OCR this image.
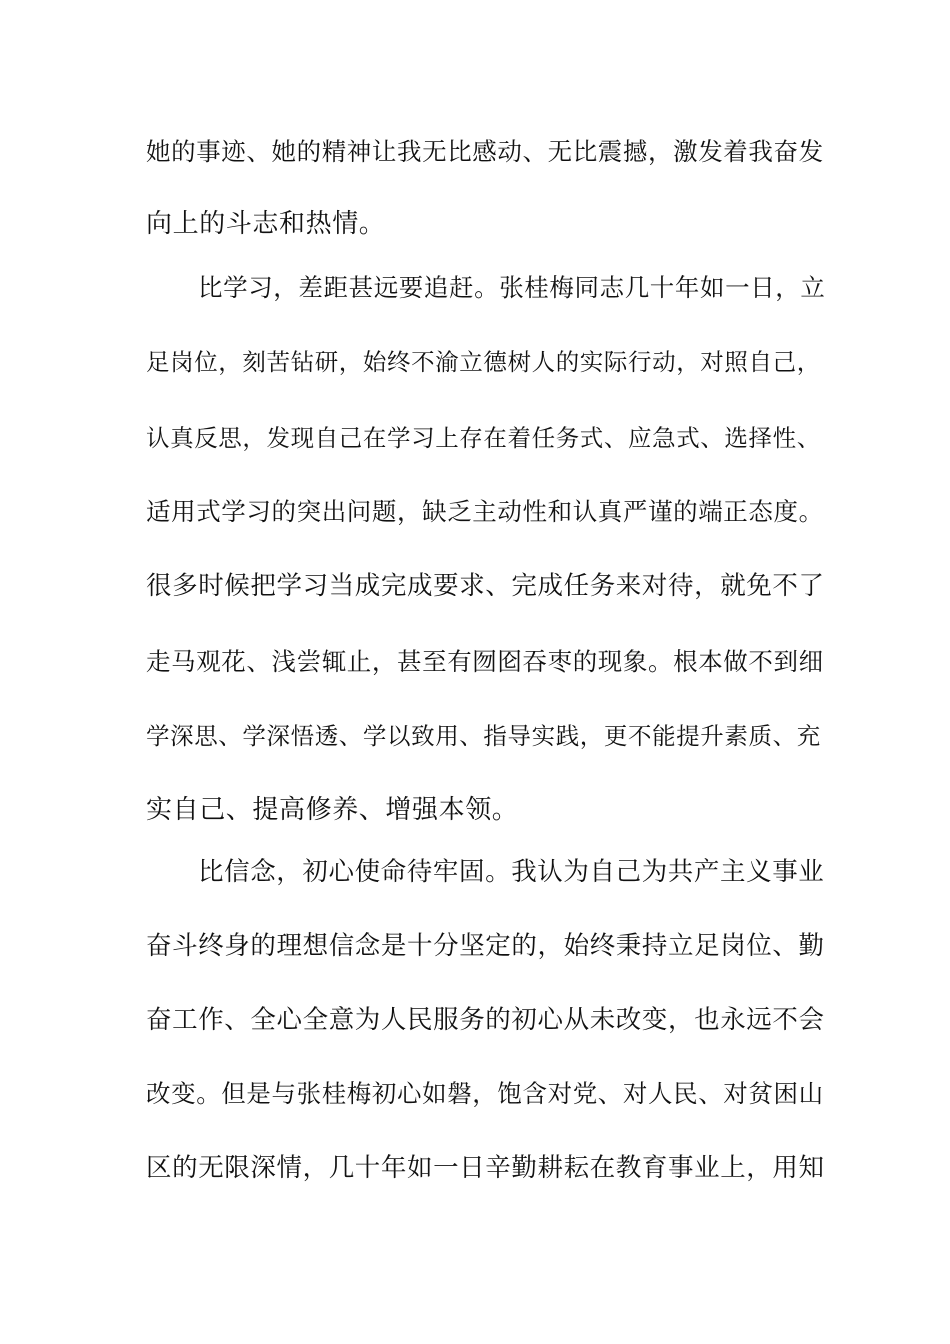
她的事迹、她的精神让我无比感动、无比震撼，激发着我奋发
向上的斗志和热情。
比学习，差距甚远要追赶。张桂梅同志几十年如一日，立
足岗位，刻苦钻研，始终不渝立德树人的实际行动，对照自己，
认真反思，发现自己在学习上存在着任务式、应急式、选择性、
适用式学习的突出问题，缺乏主动性和认真严谨的端正态度。
很多时候把学习当成完成要求、完成任务来对待，就免不了
走马观花、浅尝辄止，甚至有囫囵吞枣的现象。根本做不到细
学深思、学深悟透、学以致用、指导实践，更不能提升素质、充
实自己、提高修养、增强本领。
比信念，初心使命待牢固。我认为自己为共产主义事业
奋斗终身的理想信念是十分坚定的，始终秉持立足岗位、勤
奋工作、全心全意为人民服务的初心从未改变，也永远不会
改变。但是与张桂梅初心如磐，饱含对党、对人民、对贫困山
区的无限深情，几十年如一日辛勤耕耘在教育事业上，用知
